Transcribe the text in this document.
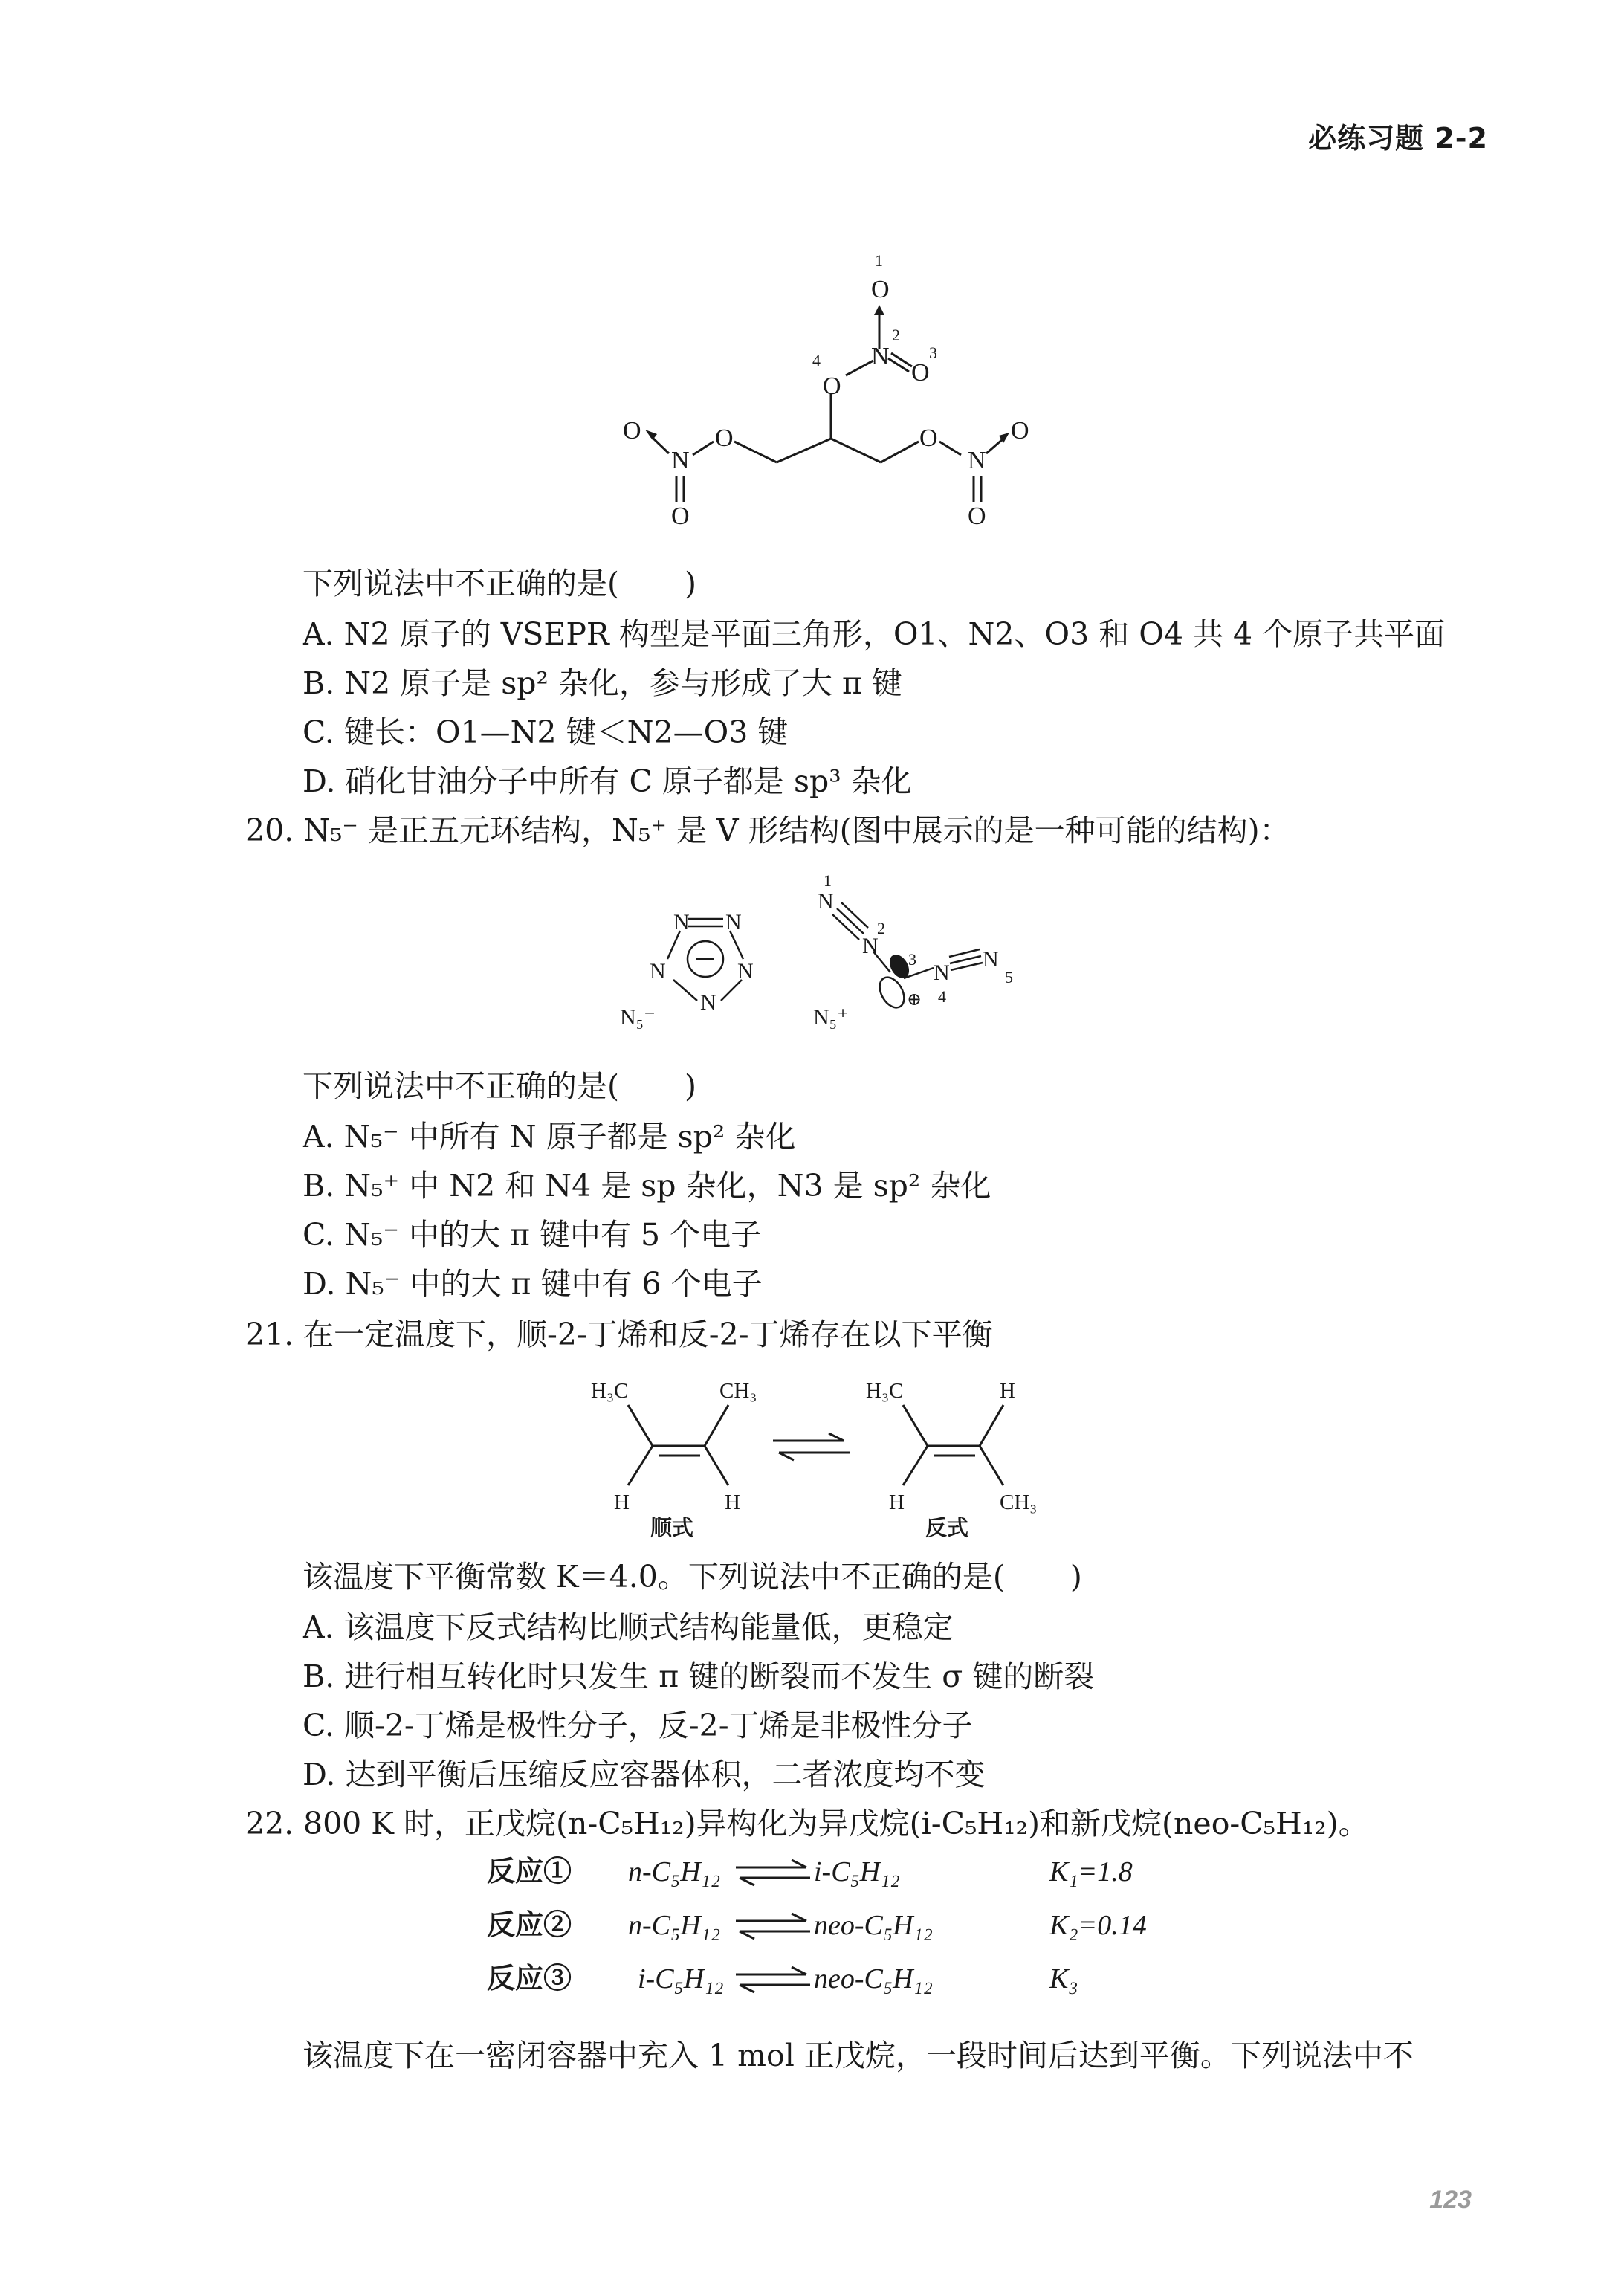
必练习题 2-2
O
1
N
2
O
3
O
4
O
N
O
O
O
N
O
O
下列说法中不正确的是( )
A. N2 原子的 VSEPR 构型是平面三角形，O1、N2、O3 和 O4 共 4 个原子共平面
B. N2 原子是 sp² 杂化，参与形成了大 π 键
C. 键长：O1—N2 键＜N2—O3 键
D. 硝化甘油分子中所有 C 原子都是 sp³ 杂化
20. N₅⁻ 是正五元环结构，N₅⁺ 是 V 形结构(图中展示的是一种可能的结构)：
N N
N
N
N
N₅⁻	N₅⁺
N
N
N
N
1
2
3
4
5
⊕
下列说法中不正确的是( )
A. N₅⁻ 中所有 N 原子都是 sp² 杂化
B. N₅⁺ 中 N2 和 N4 是 sp 杂化，N3 是 sp² 杂化
C. N₅⁻ 中的大 π 键中有 5 个电子
D. N₅⁻ 中的大 π 键中有 6 个电子
21. 在一定温度下，顺-2-丁烯和反-2-丁烯存在以下平衡
H₃C	CH₃
H	H
顺式
H₃C	H
H	CH₃
反式
该温度下平衡常数 K＝4.0。下列说法中不正确的是( )
A. 该温度下反式结构比顺式结构能量低，更稳定
B. 进行相互转化时只发生 π 键的断裂而不发生 σ 键的断裂
C. 顺-2-丁烯是极性分子，反-2-丁烯是非极性分子
D. 达到平衡后压缩反应容器体积，二者浓度均不变
22. 800 K 时，正戊烷(n-C₅H₁₂)异构化为异戊烷(i-C₅H₁₂)和新戊烷(neo-C₅H₁₂)。
反应① n-C₅H₁₂	i-C₅H₁₂	K₁=1.8
反应② n-C₅H₁₂	neo-C₅H₁₂	K₂=0.14
反应③ i-C₅H₁₂	neo-C₅H₁₂	K₃
该温度下在一密闭容器中充入 1 mol 正戊烷，一段时间后达到平衡。下列说法中不
123
